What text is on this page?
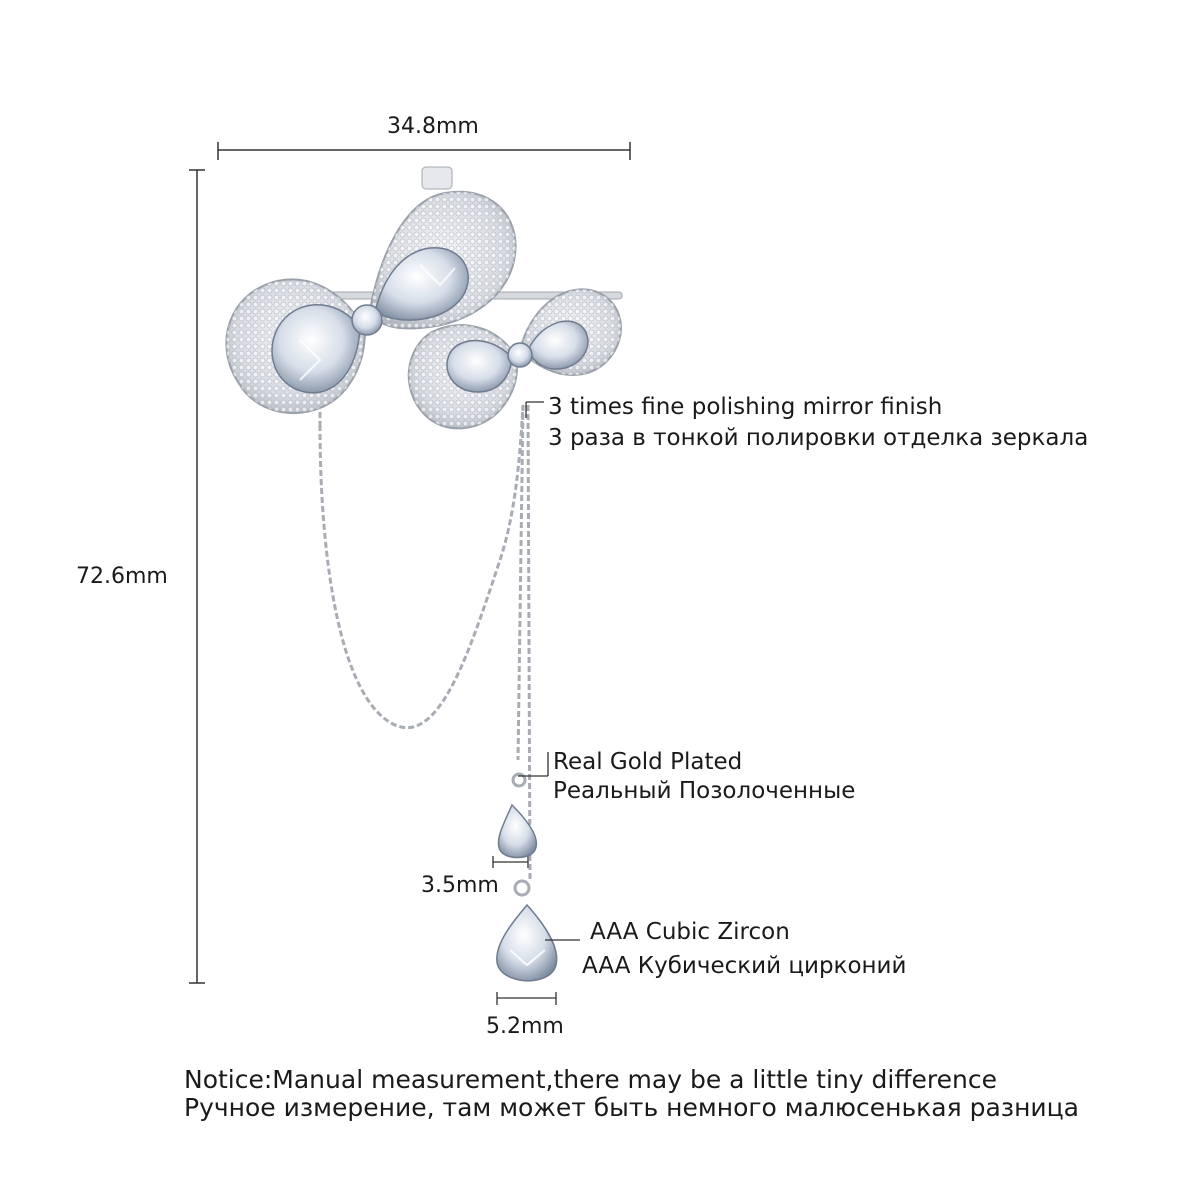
34.8mm
72.6mm
3.5mm
5.2mm
3 times fine polishing mirror finish
3 раза в тонкой полировки отделка зеркала
Real Gold Plated
Реальный Позолоченные
AAA Cubic Zircon
AAA Кубический цирконий
Notice:Manual measurement,there may be a little tiny difference
Ручное измерение, там может быть немного малюсенькая разница
